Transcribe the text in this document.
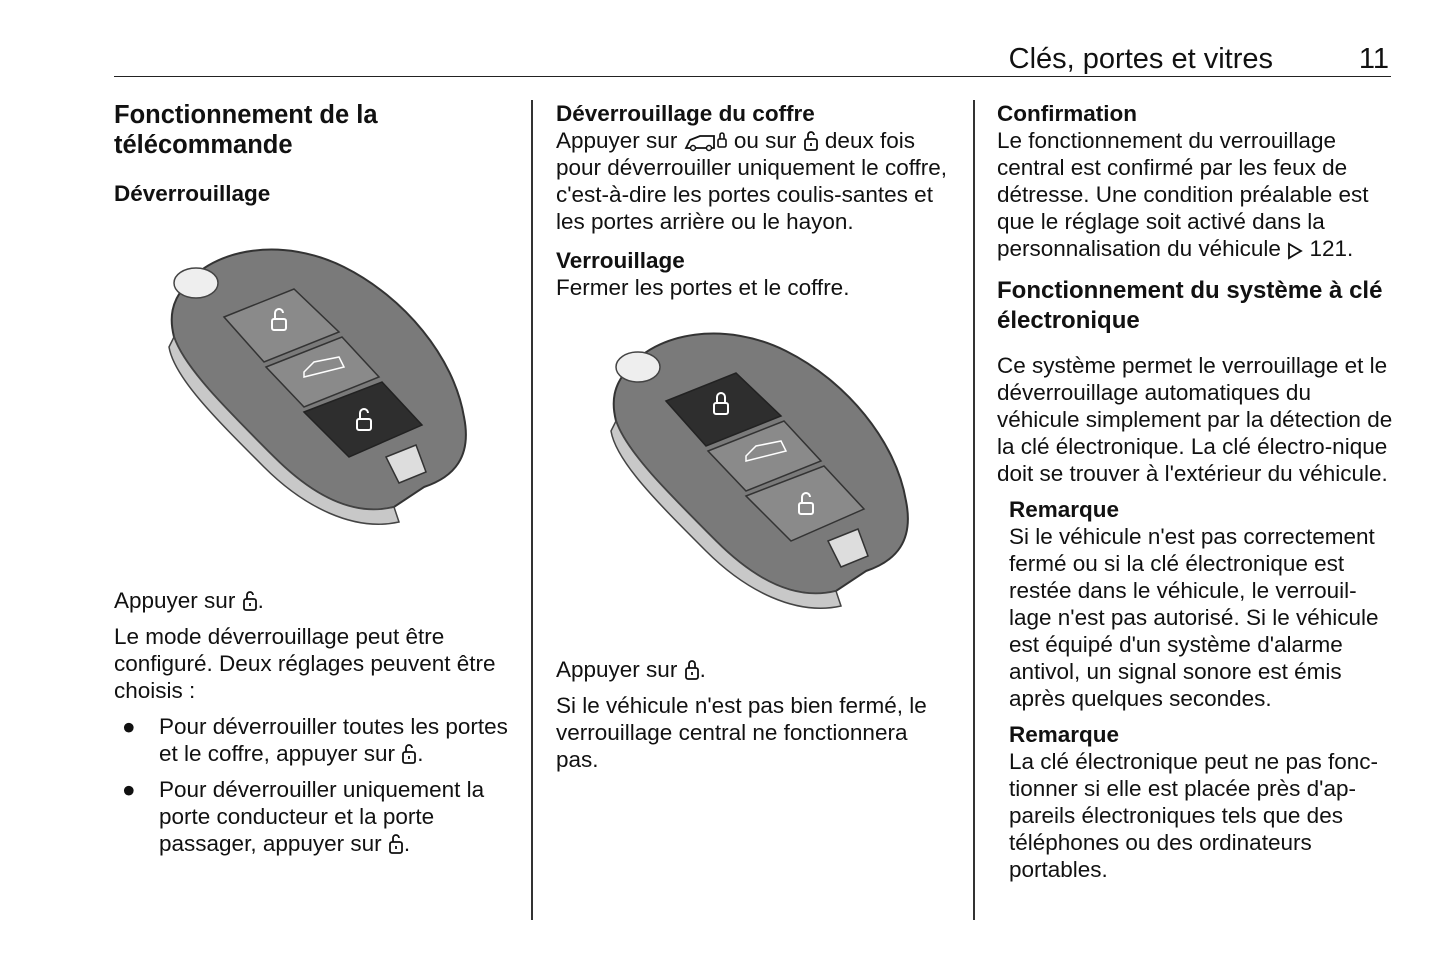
Clés, portes et vitres	11
Fonctionnement de la télécommande
Déverrouillage

Appuyer sur .

Le mode déverrouillage peut être configuré. Deux réglages peuvent être choisis :

● Pour déverrouiller toutes les portes et le coffre, appuyer sur .
● Pour déverrouiller uniquement la porte conducteur et la porte passager, appuyer sur .
Déverrouillage du coffre

Appuyer sur	ou sur deux fois pour déverrouiller uniquement le coffre, c'est-à-dire les portes coulis-santes et les portes arrière ou le hayon.

Verrouillage

Fermer les portes et le coffre.

Appuyer sur .

Si le véhicule n'est pas bien fermé, le verrouillage central ne fonctionnera pas.

Confirmation

Le fonctionnement du verrouillage central est confirmé par les feux de détresse. Une condition préalable est que le réglage soit activé dans la personnalisation du véhicule 121.

Fonctionnement du système à clé électronique

Ce système permet le verrouillage et le déverrouillage automatiques du véhicule simplement par la détection de la clé électronique. La clé électro-nique doit se trouver à l'extérieur du véhicule.

Remarque

Si le véhicule n'est pas correctement fermé ou si la clé électronique est restée dans le véhicule, le verrouil-lage n'est pas autorisé. Si le véhicule est équipé d'un système d'alarme antivol, un signal sonore est émis après quelques secondes.

Remarque

La clé électronique peut ne pas fonc-tionner si elle est placée près d'ap-pareils électroniques tels que des téléphones ou des ordinateurs portables.
